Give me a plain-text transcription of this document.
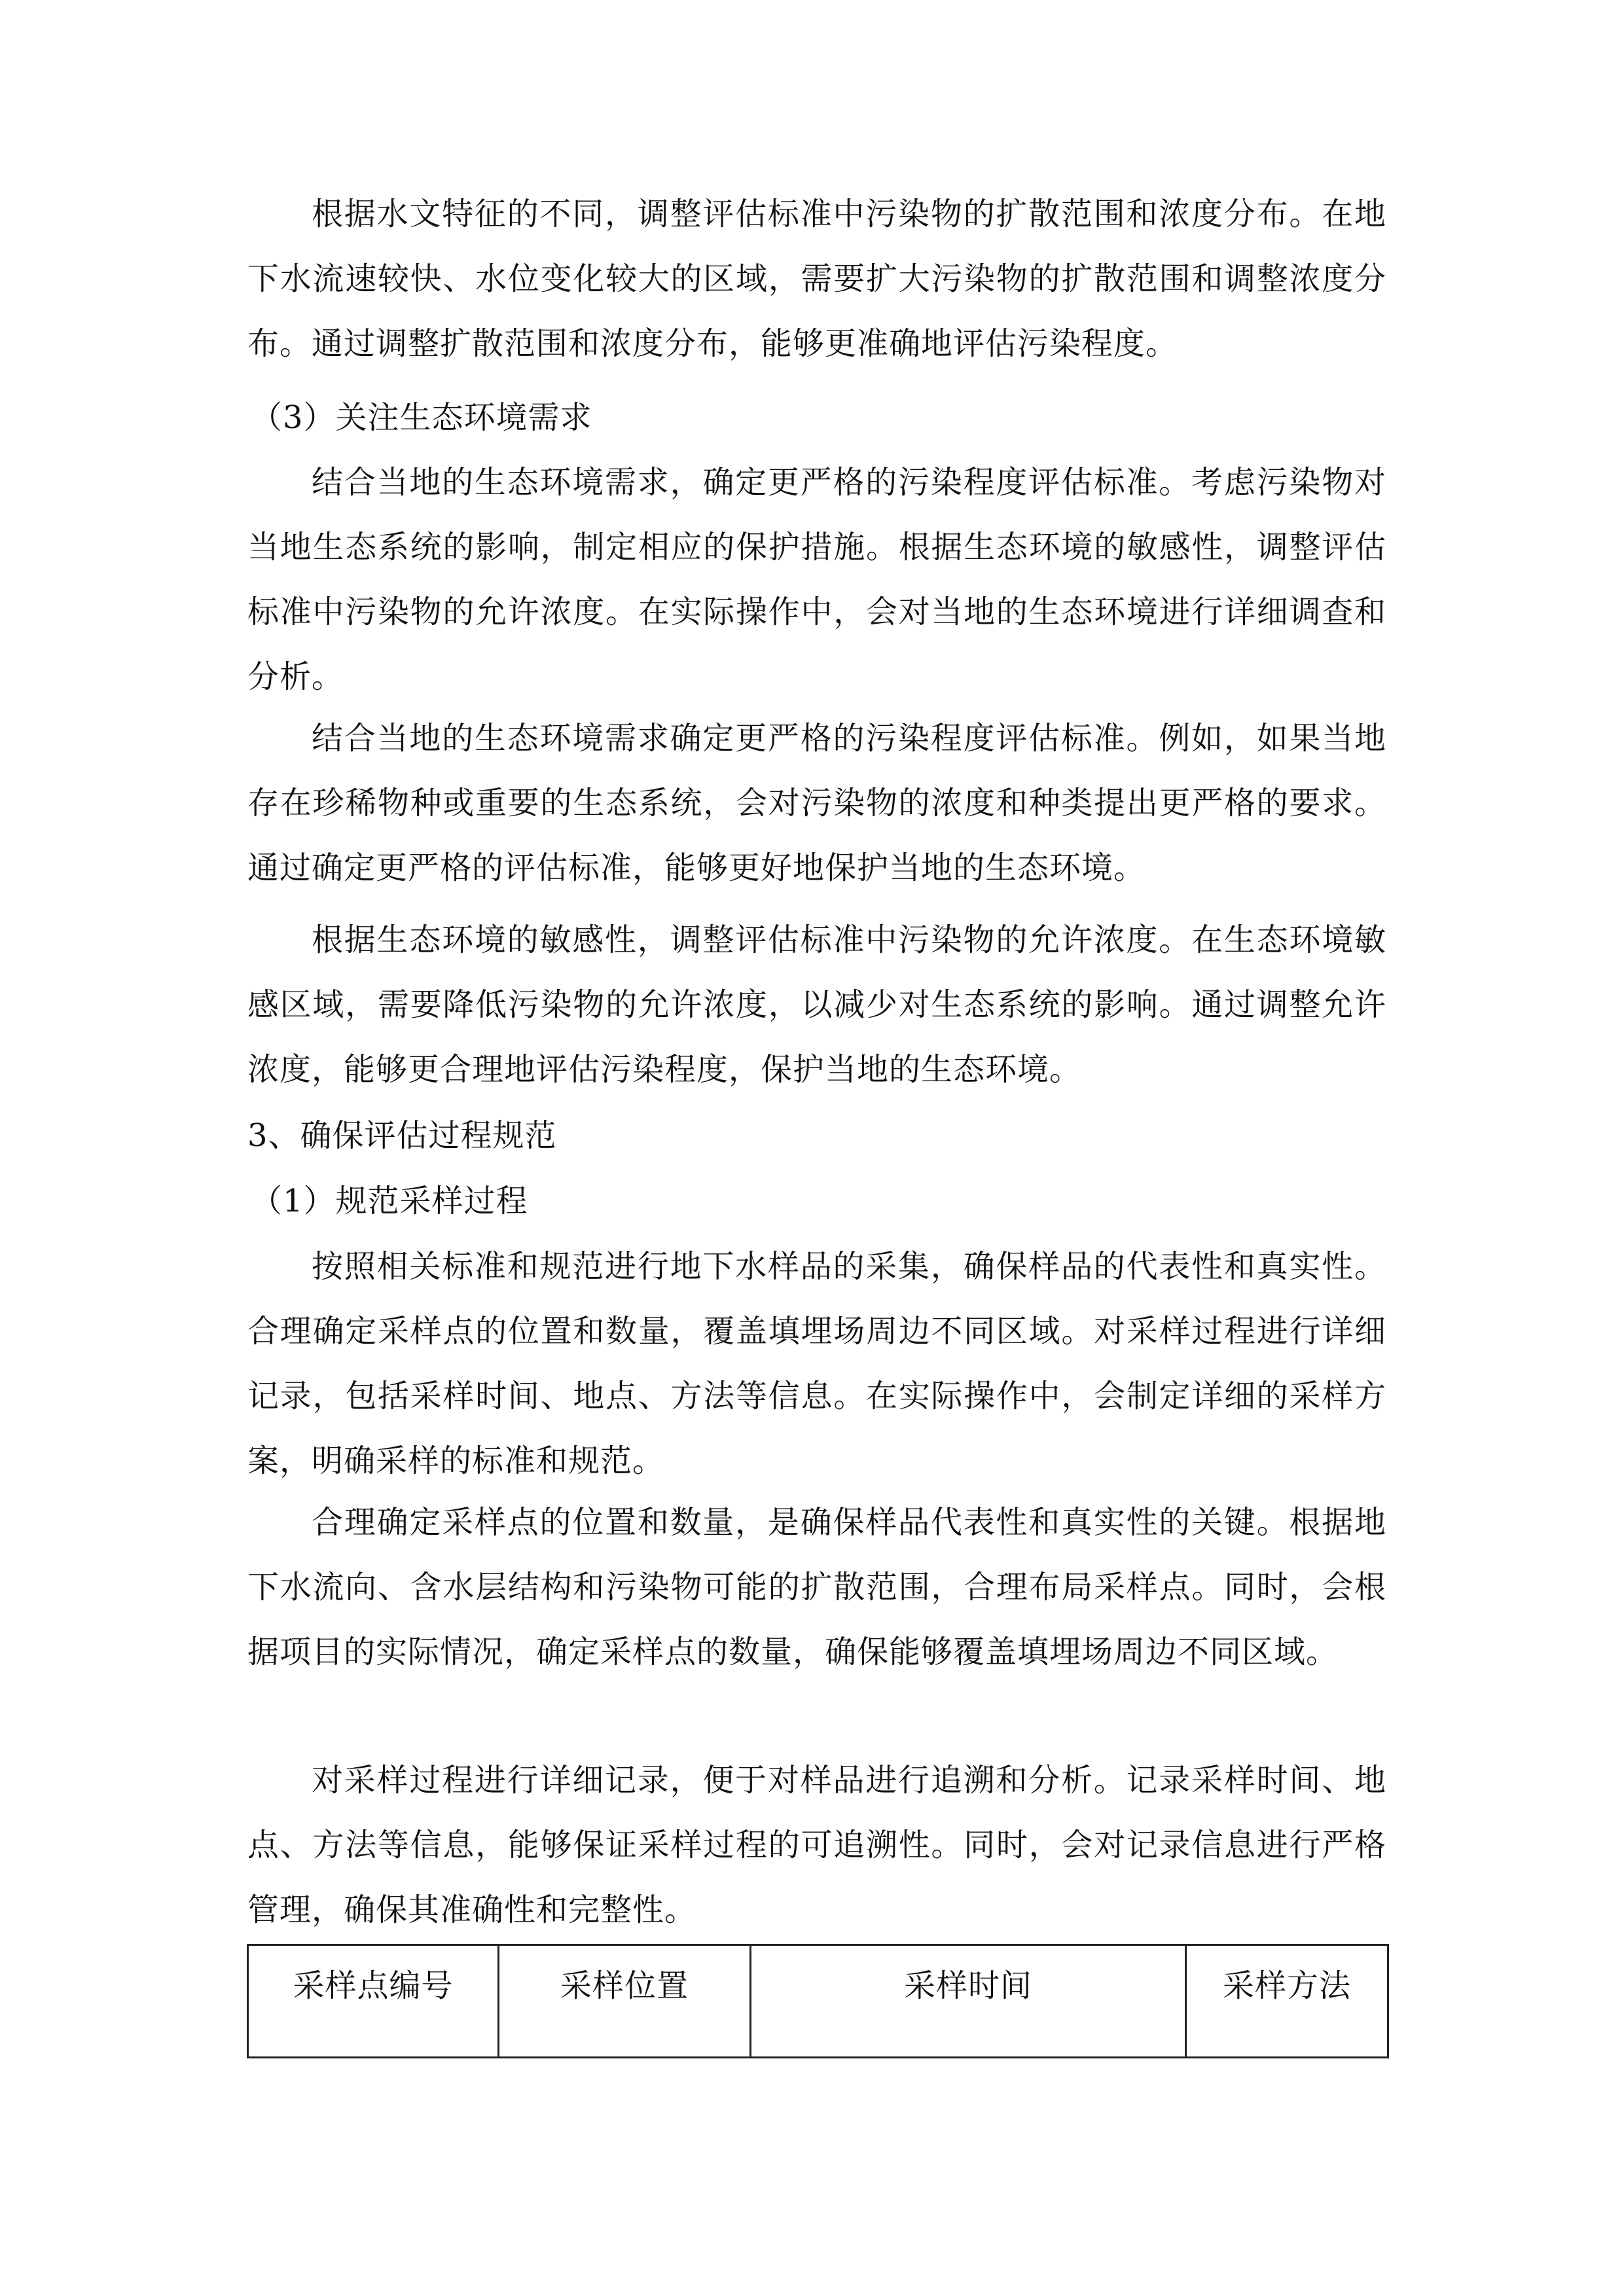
根据水文特征的不同，调整评估标准中污染物的扩散范围和浓度分布。在地下水流速较快、水位变化较大的区域，需要扩大污染物的扩散范围和调整浓度分布。通过调整扩散范围和浓度分布，能够更准确地评估污染程度。

（3）关注生态环境需求

结合当地的生态环境需求，确定更严格的污染程度评估标准。考虑污染物对当地生态系统的影响，制定相应的保护措施。根据生态环境的敏感性，调整评估标准中污染物的允许浓度。在实际操作中，会对当地的生态环境进行详细调查和分析。

结合当地的生态环境需求确定更严格的污染程度评估标准。例如，如果当地存在珍稀物种或重要的生态系统，会对污染物的浓度和种类提出更严格的要求。通过确定更严格的评估标准，能够更好地保护当地的生态环境。

根据生态环境的敏感性，调整评估标准中污染物的允许浓度。在生态环境敏感区域，需要降低污染物的允许浓度，以减少对生态系统的影响。通过调整允许浓度，能够更合理地评估污染程度，保护当地的生态环境。

3、确保评估过程规范
（1）规范采样过程

按照相关标准和规范进行地下水样品的采集，确保样品的代表性和真实性。合理确定采样点的位置和数量，覆盖填埋场周边不同区域。对采样过程进行详细记录，包括采样时间、地点、方法等信息。在实际操作中，会制定详细的采样方案，明确采样的标准和规范。

合理确定采样点的位置和数量，是确保样品代表性和真实性的关键。根据地下水流向、含水层结构和污染物可能的扩散范围，合理布局采样点。同时，会根据项目的实际情况，确定采样点的数量，确保能够覆盖填埋场周边不同区域。

对采样过程进行详细记录，便于对样品进行追溯和分析。记录采样时间、地点、方法等信息，能够保证采样过程的可追溯性。同时，会对记录信息进行严格管理，确保其准确性和完整性。

采样点编号	采样位置	采样时间	采样方法
